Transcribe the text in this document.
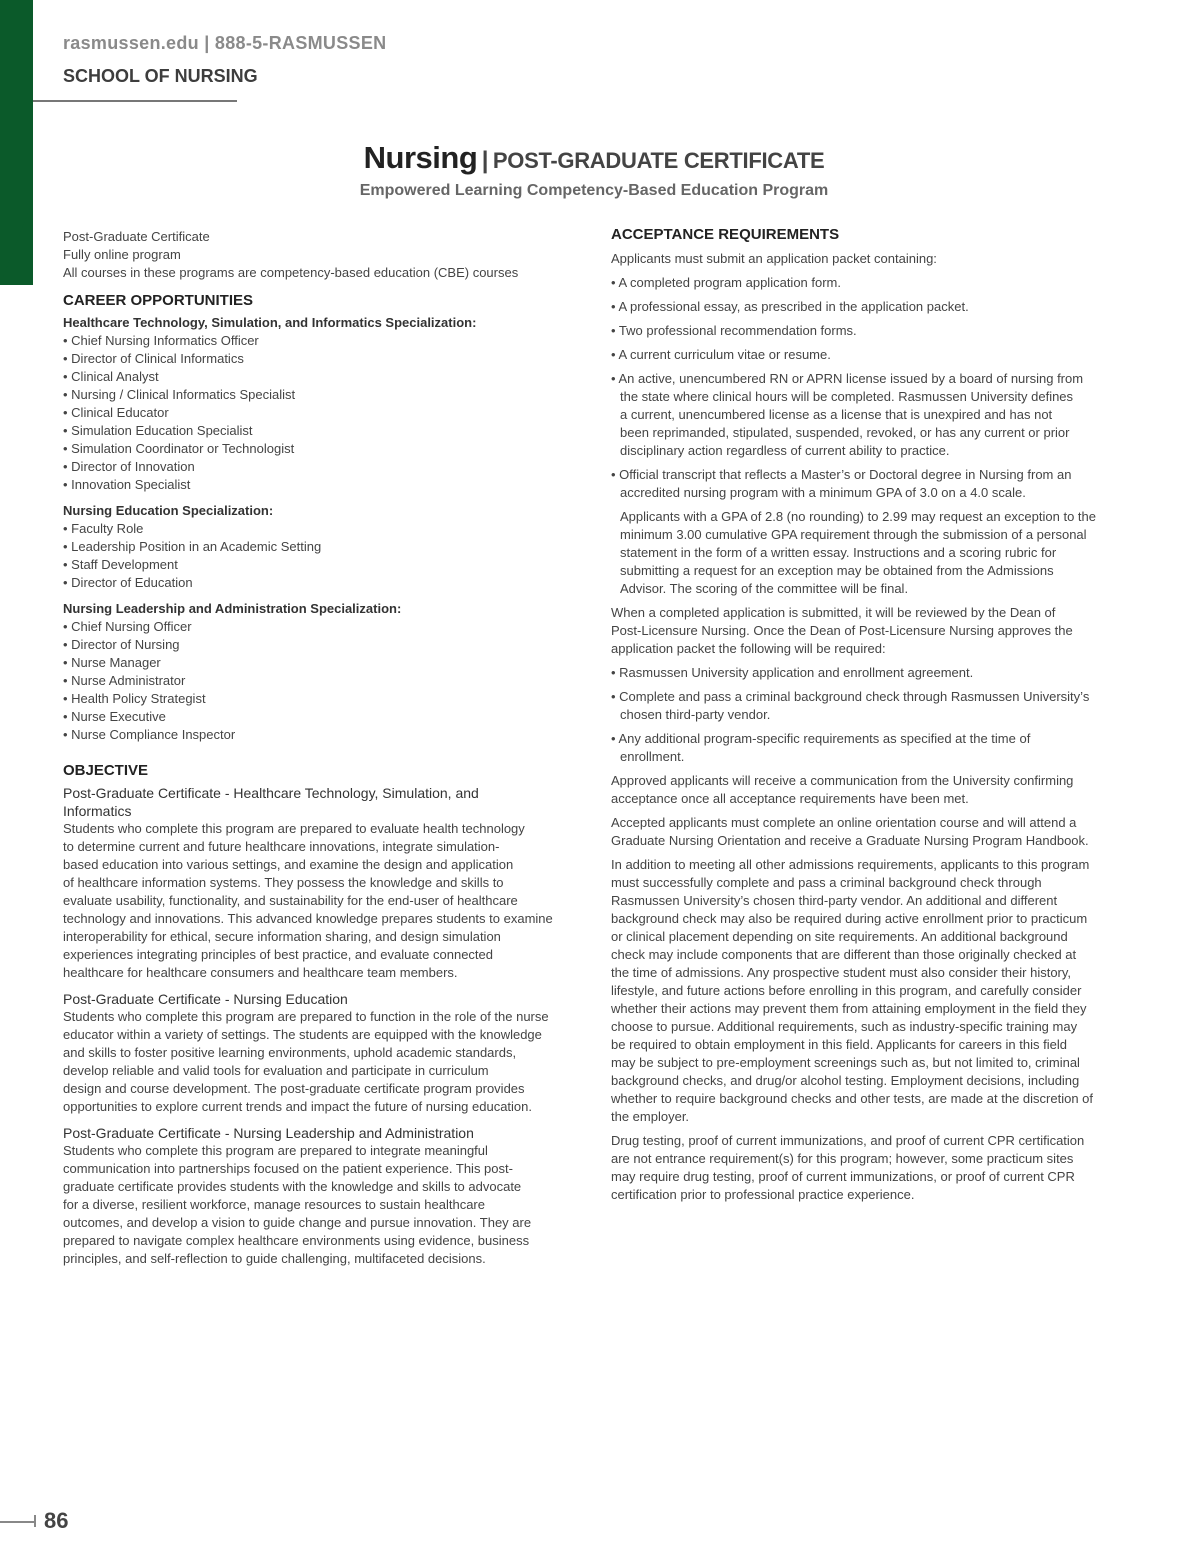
rasmussen.edu | 888-5-RASMUSSEN
SCHOOL OF NURSING
Nursing | POST-GRADUATE CERTIFICATE
Empowered Learning Competency-Based Education Program
Post-Graduate Certificate
Fully online program
All courses in these programs are competency-based education (CBE) courses
CAREER OPPORTUNITIES
Healthcare Technology, Simulation, and Informatics Specialization:
• Chief Nursing Informatics Officer
• Director of Clinical Informatics
• Clinical Analyst
• Nursing / Clinical Informatics Specialist
• Clinical Educator
• Simulation Education Specialist
• Simulation Coordinator or Technologist
• Director of Innovation
• Innovation Specialist
Nursing Education Specialization:
• Faculty Role
• Leadership Position in an Academic Setting
• Staff Development
• Director of Education
Nursing Leadership and Administration Specialization:
• Chief Nursing Officer
• Director of Nursing
• Nurse Manager
• Nurse Administrator
• Health Policy Strategist
• Nurse Executive
• Nurse Compliance Inspector
OBJECTIVE
Post-Graduate Certificate - Healthcare Technology, Simulation, and
Informatics
Students who complete this program are prepared to evaluate health technology
to determine current and future healthcare innovations, integrate simulation-
based education into various settings, and examine the design and application
of healthcare information systems. They possess the knowledge and skills to
evaluate usability, functionality, and sustainability for the end-user of healthcare
technology and innovations. This advanced knowledge prepares students to examine
interoperability for ethical, secure information sharing, and design simulation
experiences integrating principles of best practice, and evaluate connected
healthcare for healthcare consumers and healthcare team members.
Post-Graduate Certificate - Nursing Education
Students who complete this program are prepared to function in the role of the nurse
educator within a variety of settings. The students are equipped with the knowledge
and skills to foster positive learning environments, uphold academic standards,
develop reliable and valid tools for evaluation and participate in curriculum
design and course development. The post-graduate certificate program provides
opportunities to explore current trends and impact the future of nursing education.
Post-Graduate Certificate - Nursing Leadership and Administration
Students who complete this program are prepared to integrate meaningful
communication into partnerships focused on the patient experience. This post-
graduate certificate provides students with the knowledge and skills to advocate
for a diverse, resilient workforce, manage resources to sustain healthcare
outcomes, and develop a vision to guide change and pursue innovation. They are
prepared to navigate complex healthcare environments using evidence, business
principles, and self-reflection to guide challenging, multifaceted decisions.
ACCEPTANCE REQUIREMENTS
Applicants must submit an application packet containing:
• A completed program application form.
• A professional essay, as prescribed in the application packet.
• Two professional recommendation forms.
• A current curriculum vitae or resume.
• An active, unencumbered RN or APRN license issued by a board of nursing from
the state where clinical hours will be completed. Rasmussen University defines
a current, unencumbered license as a license that is unexpired and has not
been reprimanded, stipulated, suspended, revoked, or has any current or prior
disciplinary action regardless of current ability to practice.
• Official transcript that reflects a Master’s or Doctoral degree in Nursing from an
accredited nursing program with a minimum GPA of 3.0 on a 4.0 scale.
Applicants with a GPA of 2.8 (no rounding) to 2.99 may request an exception to the
minimum 3.00 cumulative GPA requirement through the submission of a personal
statement in the form of a written essay. Instructions and a scoring rubric for
submitting a request for an exception may be obtained from the Admissions
Advisor. The scoring of the committee will be final.
When a completed application is submitted, it will be reviewed by the Dean of
Post-Licensure Nursing. Once the Dean of Post-Licensure Nursing approves the
application packet the following will be required:
• Rasmussen University application and enrollment agreement.
• Complete and pass a criminal background check through Rasmussen University’s
chosen third-party vendor.
• Any additional program-specific requirements as specified at the time of
enrollment.
Approved applicants will receive a communication from the University confirming
acceptance once all acceptance requirements have been met.
Accepted applicants must complete an online orientation course and will attend a
Graduate Nursing Orientation and receive a Graduate Nursing Program Handbook.
In addition to meeting all other admissions requirements, applicants to this program
must successfully complete and pass a criminal background check through
Rasmussen University’s chosen third-party vendor. An additional and different
background check may also be required during active enrollment prior to practicum
or clinical placement depending on site requirements. An additional background
check may include components that are different than those originally checked at
the time of admissions. Any prospective student must also consider their history,
lifestyle, and future actions before enrolling in this program, and carefully consider
whether their actions may prevent them from attaining employment in the field they
choose to pursue. Additional requirements, such as industry-specific training may
be required to obtain employment in this field. Applicants for careers in this field
may be subject to pre-employment screenings such as, but not limited to, criminal
background checks, and drug/or alcohol testing. Employment decisions, including
whether to require background checks and other tests, are made at the discretion of
the employer.
Drug testing, proof of current immunizations, and proof of current CPR certification
are not entrance requirement(s) for this program; however, some practicum sites
may require drug testing, proof of current immunizations, or proof of current CPR
certification prior to professional practice experience.
86
